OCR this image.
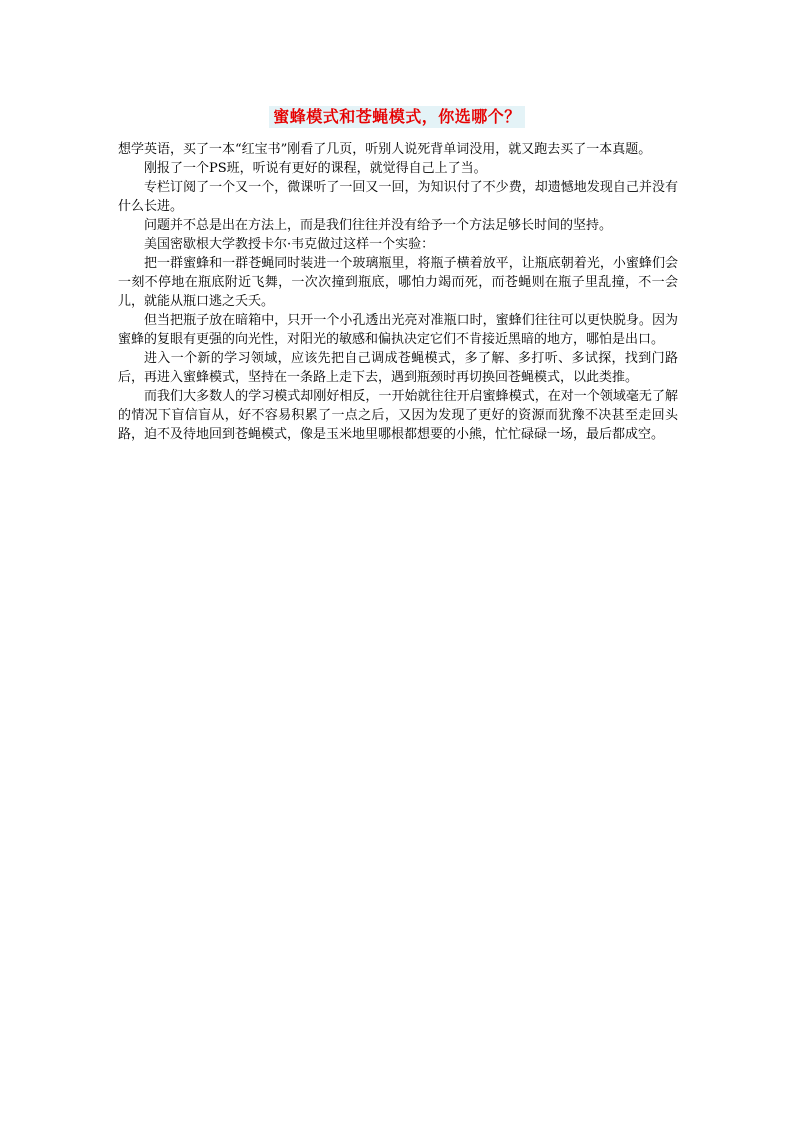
蜜蜂模式和苍蝇模式，你选哪个？

想学英语，买了一本“红宝书”刚看了几页，听别人说死背单词没用，就又跑去买了一本真题。

刚报了一个PS班，听说有更好的课程，就觉得自己上了当。

专栏订阅了一个又一个，微课听了一回又一回，为知识付了不少费，却遗憾地发现自己并没有什么长进。

问题并不总是出在方法上，而是我们往往并没有给予一个方法足够长时间的坚持。

美国密歇根大学教授卡尔·韦克做过这样一个实验：

把一群蜜蜂和一群苍蝇同时装进一个玻璃瓶里，将瓶子横着放平，让瓶底朝着光，小蜜蜂们会一刻不停地在瓶底附近飞舞，一次次撞到瓶底，哪怕力竭而死，而苍蝇则在瓶子里乱撞，不一会儿，就能从瓶口逃之夭夭。

但当把瓶子放在暗箱中，只开一个小孔透出光亮对准瓶口时，蜜蜂们往往可以更快脱身。因为蜜蜂的复眼有更强的向光性，对阳光的敏感和偏执决定它们不肯接近黑暗的地方，哪怕是出口。

进入一个新的学习领域，应该先把自己调成苍蝇模式，多了解、多打听、多试探，找到门路后，再进入蜜蜂模式，坚持在一条路上走下去，遇到瓶颈时再切换回苍蝇模式，以此类推。

而我们大多数人的学习模式却刚好相反，一开始就往往开启蜜蜂模式，在对一个领域毫无了解的情况下盲信盲从，好不容易积累了一点之后，又因为发现了更好的资源而犹豫不决甚至走回头路，迫不及待地回到苍蝇模式，像是玉米地里哪根都想要的小熊，忙忙碌碌一场，最后都成空。
